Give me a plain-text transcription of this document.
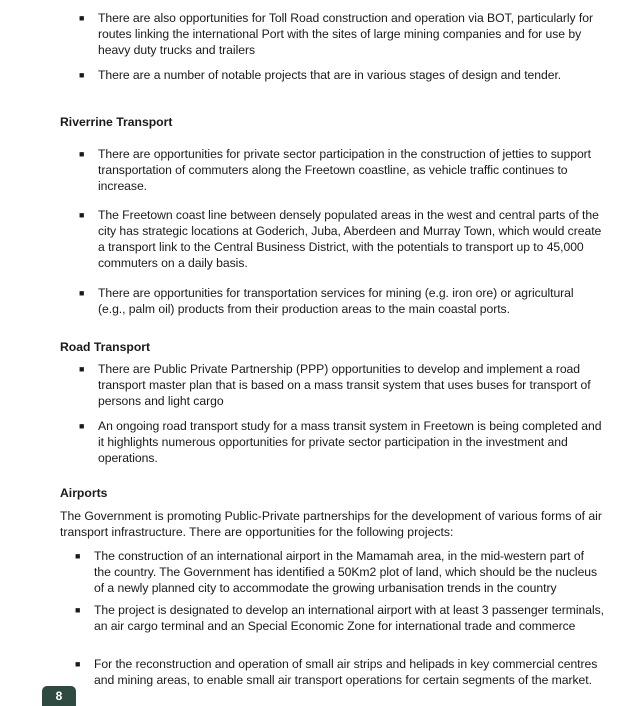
■ There are also opportunities for Toll Road construction and operation via BOT, particularly for routes linking the international Port with the sites of large mining companies and for use by heavy duty trucks and trailers
■ There are a number of notable projects that are in various stages of design and tender.
Riverrine Transport
■ There are opportunities for private sector participation in the construction of jetties to support transportation of commuters along the Freetown coastline, as vehicle traffic continues to increase.
■ The Freetown coast line between densely populated areas in the west and central parts of the city has strategic locations at Goderich, Juba, Aberdeen and Murray Town, which would create a transport link to the Central Business District, with the potentials to transport up to 45,000 commuters on a daily basis.
■ There are opportunities for transportation services for mining (e.g. iron ore) or agricultural (e.g., palm oil) products from their production areas to the main coastal ports.
Road Transport
■ There are Public Private Partnership (PPP) opportunities to develop and implement a road transport master plan that is based on a mass transit system that uses buses for transport of persons and light cargo
■ An ongoing road transport study for a mass transit system in Freetown is being completed and it highlights numerous opportunities for private sector participation in the investment and operations.
Airports
The Government is promoting Public-Private partnerships for the development of various forms of air transport infrastructure. There are opportunities for the following projects:
■ The construction of an international airport in the Mamamah area, in the mid-western part of the country. The Government has identified a 50Km2 plot of land, which should be the nucleus of a newly planned city to accommodate the growing urbanisation trends in the country
■ The project is designated to develop an international airport with at least 3 passenger terminals, an air cargo terminal and an Special Economic Zone for international trade and commerce
■ For the reconstruction and operation of small air strips and helipads in key commercial centres and mining areas, to enable small air transport operations for certain segments of the market.
8
